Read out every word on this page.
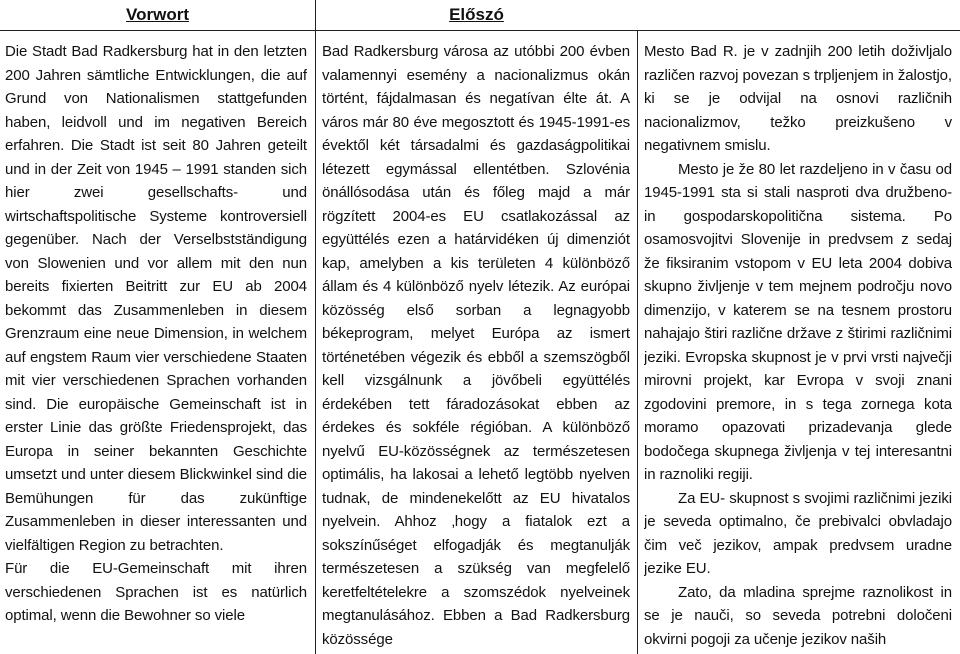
Vorwort	Előszó

Die Stadt Bad Radkersburg hat in den letzten 200 Jahren sämtliche Entwicklungen, die auf Grund von Nationalismen stattgefunden haben, leidvoll und im negativen Bereich erfahren. Die Stadt ist seit 80 Jahren geteilt und in der Zeit von 1945 – 1991 standen sich hier zwei gesellschafts- und wirtschaftspolitische Systeme kontroversiell gegenüber. Nach der Verselbstständigung von Slowenien und vor allem mit den nun bereits fixierten Beitritt zur EU ab 2004 bekommt das Zusammenleben in diesem Grenzraum eine neue Dimension, in welchem auf engstem Raum vier verschiedene Staaten mit vier verschiedenen Sprachen vorhanden sind. Die europäische Gemeinschaft ist in erster Linie das größte Friedensprojekt, das Europa in seiner bekannten Geschichte umsetzt und unter diesem Blickwinkel sind die Bemühungen für das zukünftige Zusammenleben in dieser interessanten und vielfältigen Region zu betrachten.

Für die EU-Gemeinschaft mit ihren verschiedenen Sprachen ist es natürlich optimal, wenn die Bewohner so viele

Bad Radkersburg városa az utóbbi 200 évben valamennyi esemény a nacionalizmus okán történt, fájdalmasan és negatívan élte át. A város már 80 éve megosztott és 1945-1991-es évektől két társadalmi és gazdaságpolitikai létezett egymással ellentétben. Szlovénia önállósodása után és főleg majd a már rögzített 2004-es EU csatlakozással az együttélés ezen a határvidéken új dimenziót kap, amelyben a kis területen 4 különböző állam és 4 különböző nyelv létezik. Az európai közösség első sorban a legnagyobb békeprogram, melyet Európa az ismert történetében végezik és ebből a szemszögből kell vizsgálnunk a jövőbeli együttélés érdekében tett fáradozásokat ebben az érdekes és sokféle régióban. A különböző nyelvű EU-közösségnek az természetesen optimális, ha lakosai a lehető legtöbb nyelven tudnak, de mindenekelőtt az EU hivatalos nyelvein. Ahhoz ‚hogy a fiatalok ezt a sokszínűséget elfogadják és megtanulják természetesen a szükség van megfelelő keretfeltételekre a szomszédok nyelveinek megtanulásához. Ebben a Bad Radkersburg közössége

Mesto Bad R. je v zadnjih 200 letih doživljalo različen razvoj povezan s trpljenjem in žalostjo, ki se je odvijal na osnovi različnih nacionalizmov, težko preizkušeno v negativnem smislu.

Mesto je že 80 let razdeljeno in v času od 1945-1991 sta si stali nasproti dva družbeno- in gospodarskopolitična sistema. Po osamosvojitvi Slovenije in predvsem z sedaj že fiksiranim vstopom v EU leta 2004 dobiva skupno življenje v tem mejnem področju novo dimenzijo, v katerem se na tesnem prostoru nahajajo štiri različne države z štirimi različnimi jeziki. Evropska skupnost je v prvi vrsti največji mirovni projekt, kar Evropa v svoji znani zgodovini premore, in s tega zornega kota moramo opazovati prizadevanja glede bodočega skupnega življenja v tej interesantni in raznoliki regiji.

Za EU- skupnost s svojimi različnimi jeziki je seveda optimalno, če prebivalci obvladajo čim več jezikov, ampak predvsem uradne jezike EU.

Zato, da mladina sprejme raznolikost in se je nauči, so seveda potrebni določeni okvirni pogoji za učenje jezikov naših
